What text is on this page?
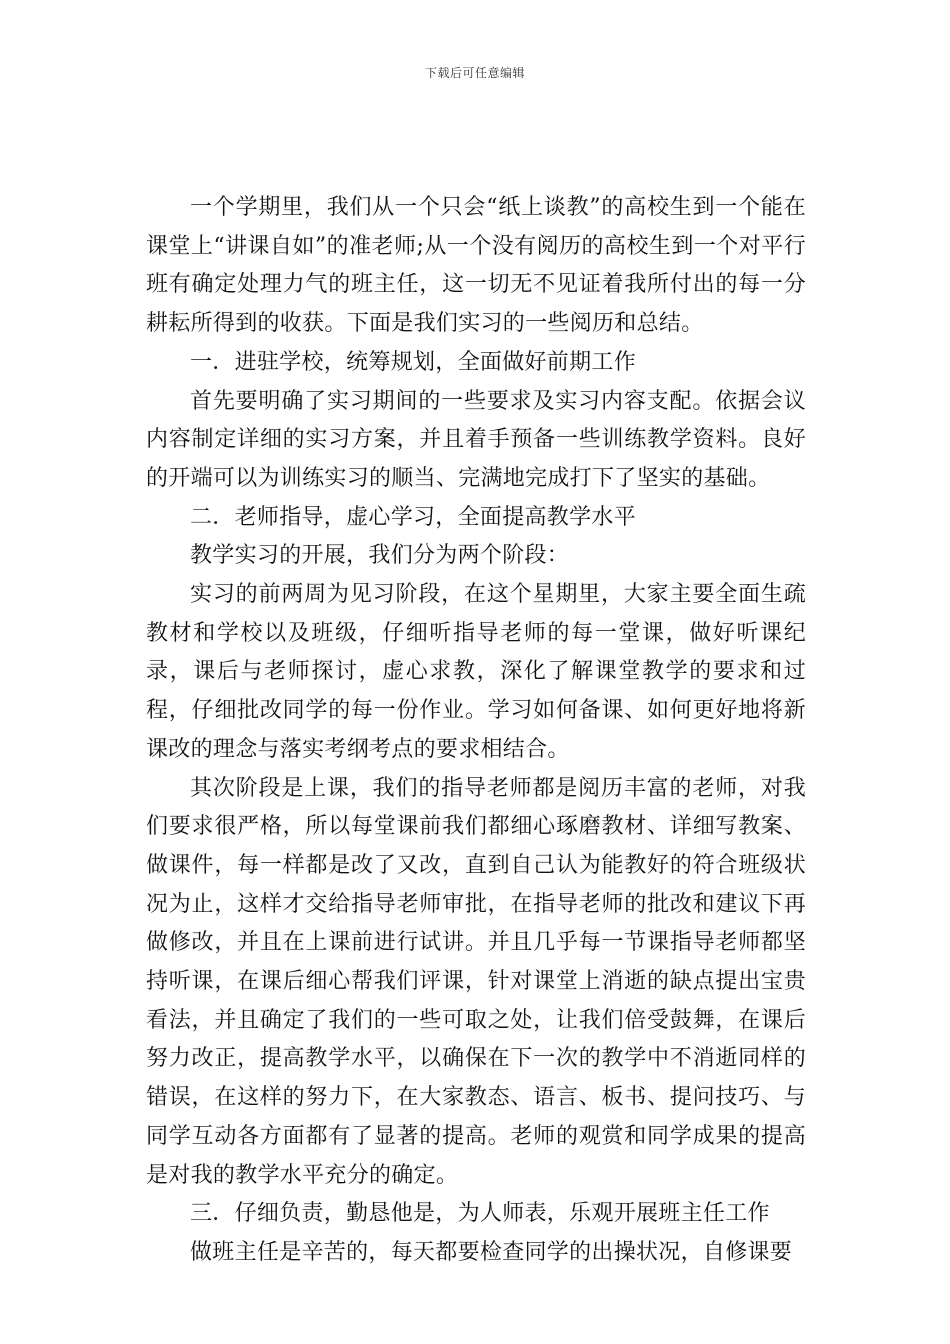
下载后可任意编辑

一个学期里，我们从一个只会“纸上谈教”的高校生到一个能在课堂上“讲课自如”的准老师;从一个没有阅历的高校生到一个对平行班有确定处理力气的班主任，这一切无不见证着我所付出的每一分耕耘所得到的收获。下面是我们实习的一些阅历和总结。

一．进驻学校，统筹规划，全面做好前期工作

首先要明确了实习期间的一些要求及实习内容支配。依据会议内容制定详细的实习方案，并且着手预备一些训练教学资料。良好的开端可以为训练实习的顺当、完满地完成打下了坚实的基础。

二．老师指导，虚心学习，全面提高教学水平

教学实习的开展，我们分为两个阶段：

实习的前两周为见习阶段，在这个星期里，大家主要全面生疏教材和学校以及班级，仔细听指导老师的每一堂课，做好听课纪录，课后与老师探讨，虚心求教，深化了解课堂教学的要求和过程，仔细批改同学的每一份作业。学习如何备课、如何更好地将新课改的理念与落实考纲考点的要求相结合。

其次阶段是上课，我们的指导老师都是阅历丰富的老师，对我们要求很严格，所以每堂课前我们都细心琢磨教材、详细写教案、做课件，每一样都是改了又改，直到自己认为能教好的符合班级状况为止，这样才交给指导老师审批，在指导老师的批改和建议下再做修改，并且在上课前进行试讲。并且几乎每一节课指导老师都坚持听课，在课后细心帮我们评课，针对课堂上消逝的缺点提出宝贵看法，并且确定了我们的一些可取之处，让我们倍受鼓舞，在课后努力改正，提高教学水平，以确保在下一次的教学中不消逝同样的错误，在这样的努力下，在大家教态、语言、板书、提问技巧、与同学互动各方面都有了显著的提高。老师的观赏和同学成果的提高是对我的教学水平充分的确定。

三．仔细负责，勤恳他是，为人师表，乐观开展班主任工作

做班主任是辛苦的，每天都要检查同学的出操状况，自修课要
